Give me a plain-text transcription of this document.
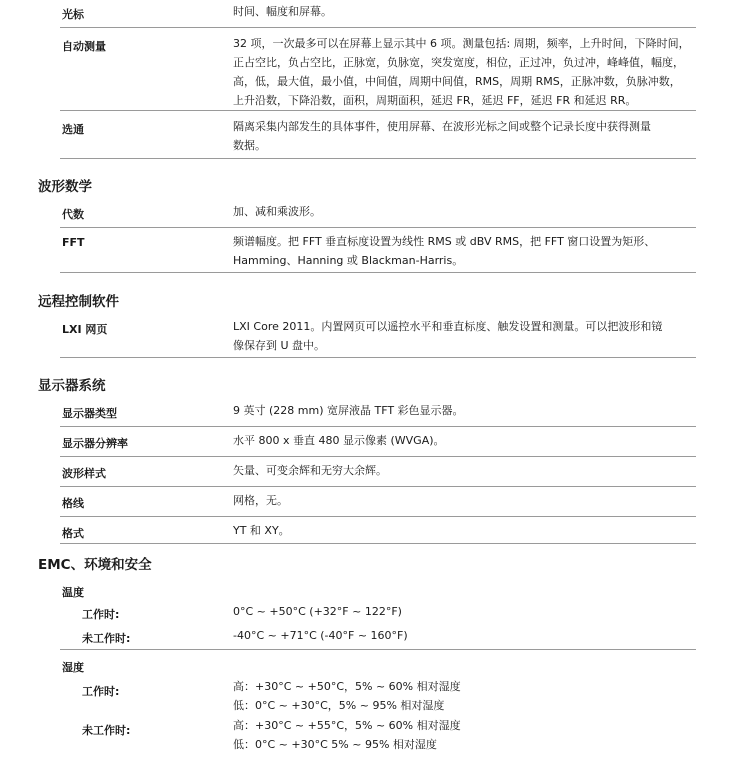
光标	时间、幅度和屏幕。
自动测量	32 项，一次最多可以在屏幕上显示其中 6 项。测量包括: 周期，频率，上升时间，下降时间，
正占空比，负占空比，正脉宽，负脉宽，突发宽度，相位，正过冲，负过冲，峰峰值，幅度，
高，低，最大值，最小值，中间值，周期中间值，RMS，周期 RMS，正脉冲数，负脉冲数，
上升沿数，下降沿数，面积，周期面积，延迟 FR，延迟 FF，延迟 FR 和延迟 RR。
选通	隔离采集内部发生的具体事件，使用屏幕、在波形光标之间或整个记录长度中获得测量
数据。
波形数学
代数	加、减和乘波形。
FFT	频谱幅度。把 FFT 垂直标度设置为线性 RMS 或 dBV RMS，把 FFT 窗口设置为矩形、
Hamming、Hanning 或 Blackman-Harris。
远程控制软件
LXI 网页	LXI Core 2011。内置网页可以遥控水平和垂直标度、触发设置和测量。可以把波形和镜
像保存到 U 盘中。
显示器系统
显示器类型	9 英寸 (228 mm) 宽屏液晶 TFT 彩色显示器。
显示器分辨率	水平 800 x 垂直 480 显示像素 (WVGA)。
波形样式	矢量、可变余辉和无穷大余辉。
格线	网格，无。
格式	YT 和 XY。
EMC、环境和安全
温度
工作时:	0°C ~ +50°C (+32°F ~ 122°F)
未工作时:	-40°C ~ +71°C (-40°F ~ 160°F)
湿度
工作时:	高：+30°C ~ +50°C，5% ~ 60% 相对湿度
低：0°C ~ +30°C，5% ~ 95% 相对湿度
未工作时:	高：+30°C ~ +55°C，5% ~ 60% 相对湿度
低：0°C ~ +30°C 5% ~ 95% 相对湿度
